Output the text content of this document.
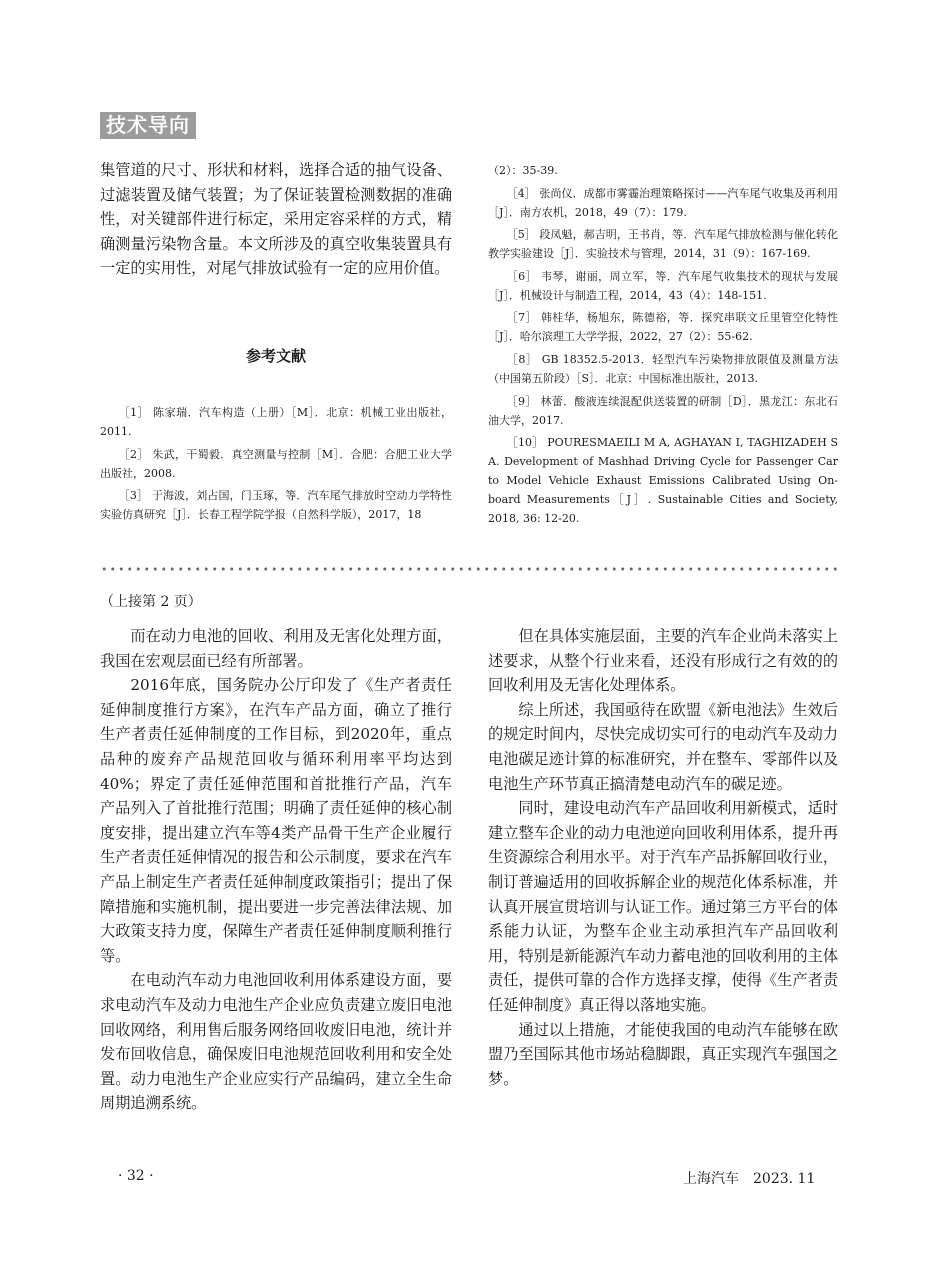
技术导向

集管道的尺寸、形状和材料，选择合适的抽气设备、过滤装置及储气装置；为了保证装置检测数据的准确性，对关键部件进行标定，采用定容采样的方式，精确测量污染物含量。本文所涉及的真空收集装置具有一定的实用性，对尾气排放试验有一定的应用价值。

参考文献

［1］ 陈家瑞．汽车构造（上册）［M］．北京：机械工业出版社，2011.

［2］ 朱武，干蜀毅．真空测量与控制［M］．合肥：合肥工业大学出版社，2008.

［3］ 于海波，刘占国，门玉琢，等．汽车尾气排放时空动力学特性实验仿真研究［J］．长春工程学院学报（自然科学版），2017，18

（2）：35-39.

［4］ 张尚仪．成都市雾霾治理策略探讨——汽车尾气收集及再利用［J］．南方农机，2018，49（7）：179.

［5］ 段凤魁，郝吉明，王书肖，等．汽车尾气排放检测与催化转化教学实验建设［J］．实验技术与管理，2014，31（9）：167-169.

［6］ 韦琴，谢丽，周立军，等．汽车尾气收集技术的现状与发展［J］．机械设计与制造工程，2014，43（4）：148-151.

［7］ 韩桂华，杨旭东，陈德裕，等．探究串联文丘里管空化特性［J］．哈尔滨理工大学学报，2022，27（2）：55-62.

［8］ GB 18352.5-2013．轻型汽车污染物排放限值及测量方法（中国第五阶段）［S］．北京：中国标准出版社，2013.

［9］ 林蕾．酸液连续混配供送装置的研制［D］．黑龙江：东北石油大学，2017.

［10］ POURESMAEILI M A, AGHAYAN I, TAGHIZADEH S A. Development of Mashhad Driving Cycle for Passenger Car to Model Vehicle Exhaust Emissions Calibrated Using On-board Measurements［J］. Sustainable Cities and Society, 2018, 36: 12-20.

（上接第 2 页）

而在动力电池的回收、利用及无害化处理方面，我国在宏观层面已经有所部署。

2016年底，国务院办公厅印发了《生产者责任延伸制度推行方案》，在汽车产品方面，确立了推行生产者责任延伸制度的工作目标，到2020年，重点品种的废弃产品规范回收与循环利用率平均达到40%；界定了责任延伸范围和首批推行产品，汽车产品列入了首批推行范围；明确了责任延伸的核心制度安排，提出建立汽车等4类产品骨干生产企业履行生产者责任延伸情况的报告和公示制度，要求在汽车产品上制定生产者责任延伸制度政策指引；提出了保障措施和实施机制，提出要进一步完善法律法规、加大政策支持力度，保障生产者责任延伸制度顺利推行等。

在电动汽车动力电池回收利用体系建设方面，要求电动汽车及动力电池生产企业应负责建立废旧电池回收网络，利用售后服务网络回收废旧电池，统计并发布回收信息，确保废旧电池规范回收利用和安全处置。动力电池生产企业应实行产品编码，建立全生命周期追溯系统。

但在具体实施层面，主要的汽车企业尚未落实上述要求，从整个行业来看，还没有形成行之有效的的回收利用及无害化处理体系。

综上所述，我国亟待在欧盟《新电池法》生效后的规定时间内，尽快完成切实可行的电动汽车及动力电池碳足迹计算的标准研究，并在整车、零部件以及电池生产环节真正搞清楚电动汽车的碳足迹。

同时，建设电动汽车产品回收利用新模式，适时建立整车企业的动力电池逆向回收利用体系，提升再生资源综合利用水平。对于汽车产品拆解回收行业，制订普遍适用的回收拆解企业的规范化体系标准，并认真开展宣贯培训与认证工作。通过第三方平台的体系能力认证，为整车企业主动承担汽车产品回收利用，特别是新能源汽车动力蓄电池的回收利用的主体责任，提供可靠的合作方选择支撑，使得《生产者责任延伸制度》真正得以落地实施。

通过以上措施，才能使我国的电动汽车能够在欧盟乃至国际其他市场站稳脚跟，真正实现汽车强国之梦。

· 32 ·	上海汽车　2023. 11
